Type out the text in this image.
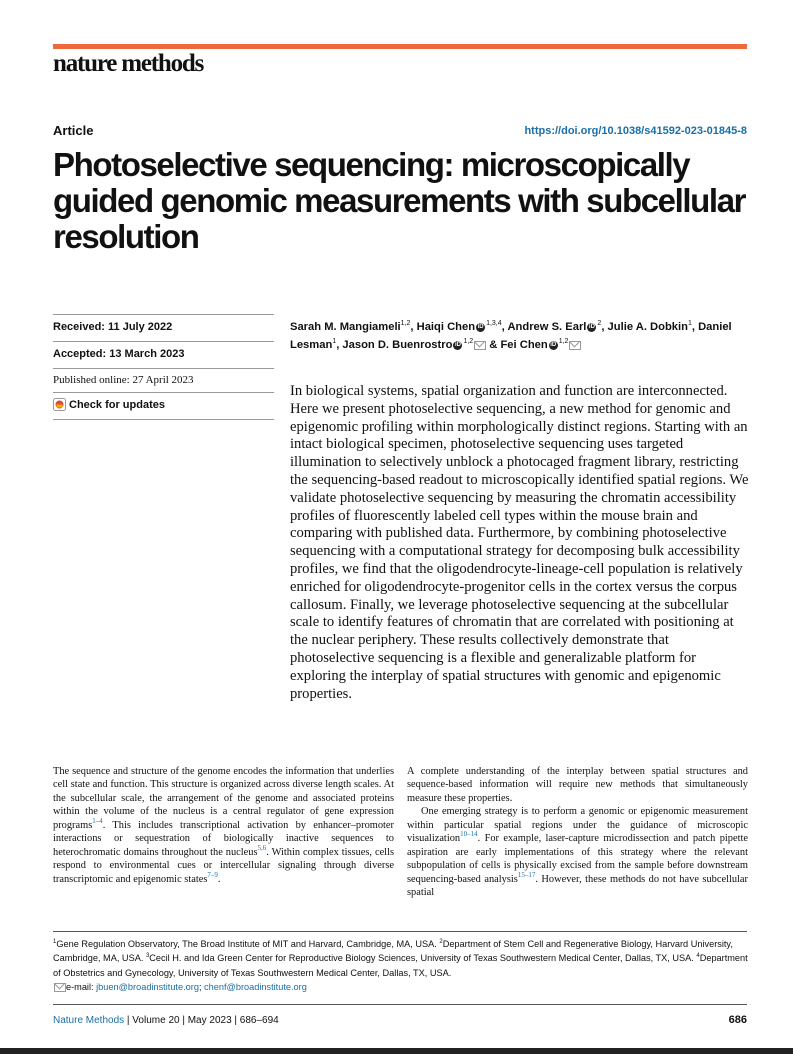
nature methods
Article	https://doi.org/10.1038/s41592-023-01845-8
Photoselective sequencing: microscopically guided genomic measurements with subcellular resolution
Received: 11 July 2022
Accepted: 13 March 2023
Published online: 27 April 2023
Check for updates
Sarah M. Mangiameli$^{1,2}$, Haiqi Chen iD $^{1,3,4}$, Andrew S. Earl iD $^2$, Julie A. Dobkin$^1$, Daniel Lesman$^1$, Jason D. Buenrostro iD $^{1,2}$ & Fei Chen iD $^{1,2}$

In biological systems, spatial organization and function are interconnected. Here we present photoselective sequencing, a new method for genomic and epigenomic profiling within morphologically distinct regions. Starting with an intact biological specimen, photoselective sequencing uses targeted illumination to selectively unblock a photocaged fragment library, restricting the sequencing-based readout to microscopically identified spatial regions. We validate photoselective sequencing by measuring the chromatin accessibility profiles of fluorescently labeled cell types within the mouse brain and comparing with published data. Furthermore, by combining photoselective sequencing with a computational strategy for decomposing bulk accessibility profiles, we find that the oligodendrocyte-lineage-cell population is relatively enriched for oligodendrocyte-progenitor cells in the cortex versus the corpus callosum. Finally, we leverage photoselective sequencing at the subcellular scale to identify features of chromatin that are correlated with positioning at the nuclear periphery. These results collectively demonstrate that photoselective sequencing is a flexible and generalizable platform for exploring the interplay of spatial structures with genomic and epigenomic properties.

The sequence and structure of the genome encodes the information that underlies cell state and function. This structure is organized across diverse length scales. At the subcellular scale, the arrangement of the genome and associated proteins within the volume of the nucleus is a central regulator of gene expression programs$^{1-4}$. This includes transcriptional activation by enhancer–promoter interactions or sequestration of biologically inactive sequences to heterochromatic domains throughout the nucleus$^{5,6}$. Within complex tissues, cells respond to environmental cues or intercellular signaling through diverse transcriptomic and epigenomic states$^{7-9}$.

A complete understanding of the interplay between spatial structures and sequence-based information will require new methods that simultaneously measure these properties.

One emerging strategy is to perform a genomic or epigenomic measurement within particular spatial regions under the guidance of microscopic visualization$^{10-14}$. For example, laser-capture microdissection and patch pipette aspiration are early implementations of this strategy where the relevant subpopulation of cells is physically excised from the sample before downstream sequencing-based analysis$^{15-17}$. However, these methods do not have subcellular spatial

$^1$Gene Regulation Observatory, The Broad Institute of MIT and Harvard, Cambridge, MA, USA. $^2$Department of Stem Cell and Regenerative Biology, Harvard University, Cambridge, MA, USA. $^3$Cecil H. and Ida Green Center for Reproductive Biology Sciences, University of Texas Southwestern Medical Center, Dallas, TX, USA. $^4$Department of Obstetrics and Gynecology, University of Texas Southwestern Medical Center, Dallas, TX, USA.
e-mail: jbuen@broadinstitute.org; chenf@broadinstitute.org

Nature Methods | Volume 20 | May 2023 | 686–694	686
